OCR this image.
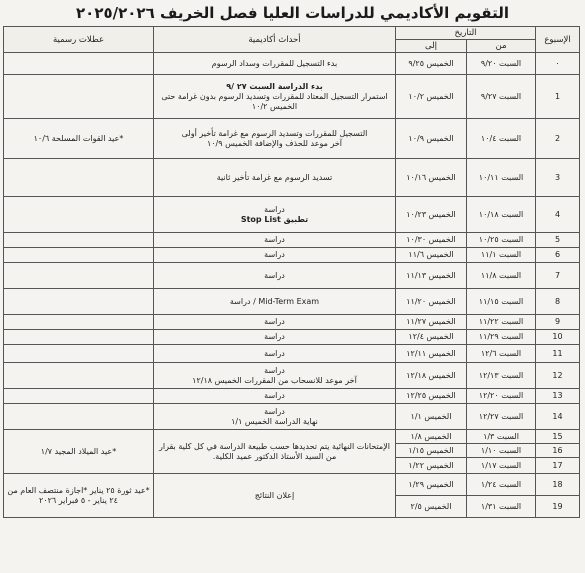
التقويم الأكاديمي للدراسات العليا فصل الخريف ٢٠٢٥/٢٠٢٦
الإسبوع	التاريخ		أحداث أكاديمية	عطلات رسمية
	من	إلى		
٠	السبت ٩/٢٠	الخميس ٩/٢٥	بدء التسجيل للمقررات وسداد الرسوم	
1	السبت ٩/٢٧	الخميس ١٠/٢	بدء الدراسة السبت ٢٧ /٩
استمرار التسجيل المعتاد للمقررات وتسديد الرسوم بدون غرامة حتى الخميس ١٠/٢	

2	السبت ١٠/٤	الخميس ١٠/٩	التسجيل للمقررات وتسديد الرسوم مع غرامة تأخير أولى
آخر موعد للحذف والإضافة الخميس ١٠/٩	*عيد القوات المسلحة ١٠/٦
3	السبت ١٠/١١	الخميس ١٠/١٦	تسديد الرسوم مع غرامة تأخير ثانية	
4	السبت ١٠/١٨	الخميس ١٠/٢٣	دراسة
تطبيق Stop List	

5	السبت ١٠/٢٥	الخميس ١٠/٣٠	دراسة	
6	السبت ١١/١	الخميس ١١/٦	دراسة	
7	السبت ١١/٨	الخميس ١١/١٣	دراسة	
8	السبت ١١/١٥	الخميس ١١/٢٠	Mid-Term Exam / دراسة	
9	السبت ١١/٢٢	الخميس ١١/٢٧	دراسة	
10	السبت ١١/٢٩	الخميس ١٢/٤	دراسة	
11	السبت ١٢/٦	الخميس ١٢/١١	دراسة	
12	السبت ١٢/١٣	الخميس ١٢/١٨	دراسة
آخر موعد للانسحاب من المقررات الخميس ١٢/١٨	

13	السبت ١٢/٢٠	الخميس ١٢/٢٥	دراسة	
14	السبت ١٢/٢٧	الخميس ١/١	دراسة
نهاية الدراسة الخميس ١/١	

15	السبت ١/٣	الخميس ١/٨	الإمتحانات النهائية يتم تحديدها حسب طبيعة الدراسة في كل كلية بقرار من السيد الأستاذ الدكتور عميد الكلية.	*عيد الميلاد المجيد ١/٧
16	السبت ١/١٠	الخميس ١/١٥		
17	السبت ١/١٧	الخميس ١/٢٢		
18	السبت ١/٢٤	الخميس ١/٢٩	إعلان النتائج	*عيد ثورة ٢٥ يناير *اجازة منتصف العام من ٢٤ يناير - ٥ فبراير ٢٠٢٦
19	السبت ١/٣١	الخميس ٢/٥		
